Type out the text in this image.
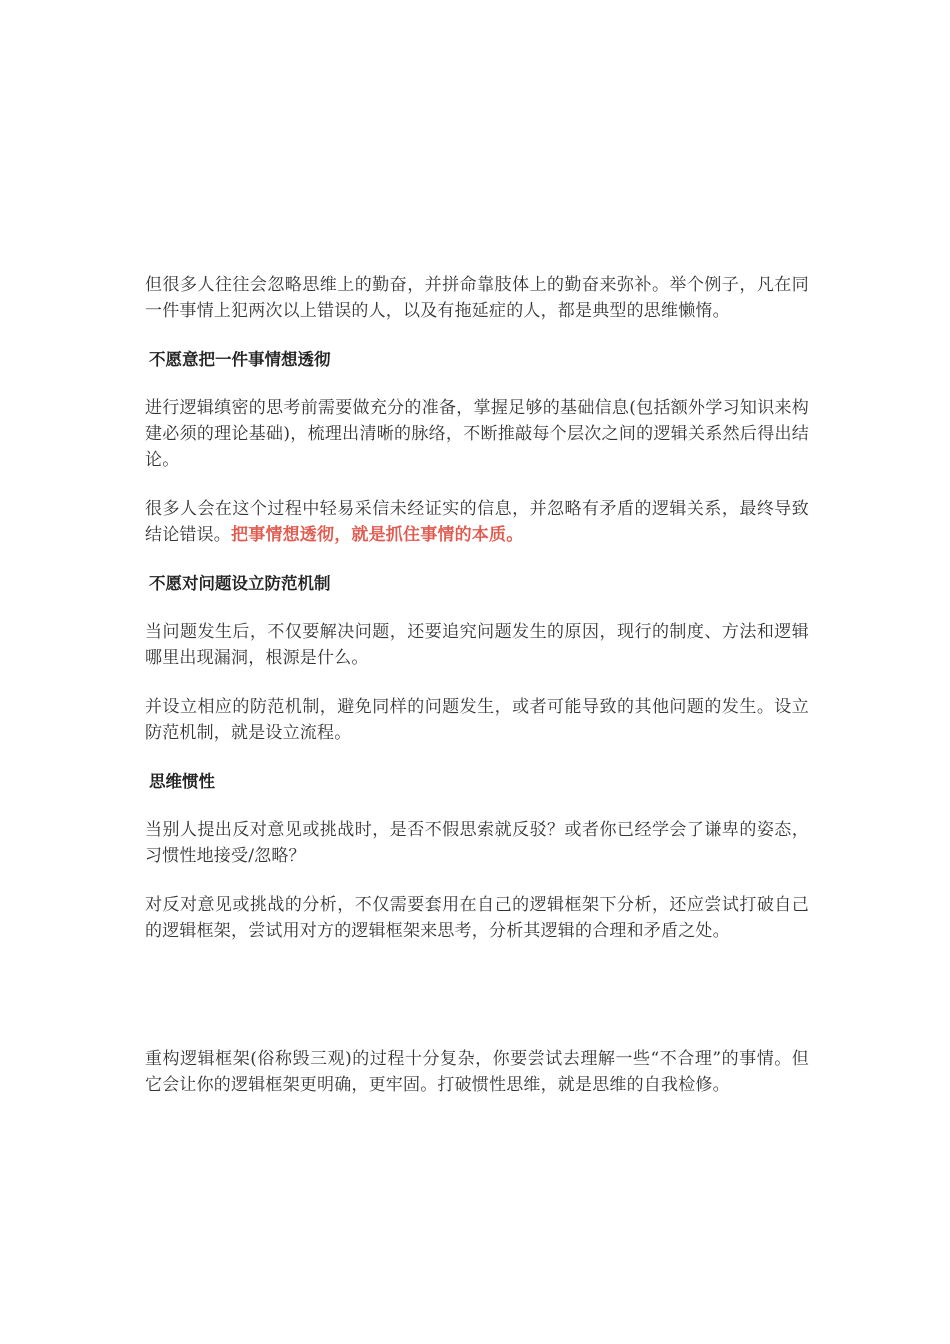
但很多人往往会忽略思维上的勤奋，并拼命靠肢体上的勤奋来弥补。举个例子，凡在同一件事情上犯两次以上错误的人，以及有拖延症的人，都是典型的思维懒惰。

不愿意把一件事情想透彻

进行逻辑缜密的思考前需要做充分的准备，掌握足够的基础信息(包括额外学习知识来构建必须的理论基础)，梳理出清晰的脉络，不断推敲每个层次之间的逻辑关系然后得出结论。

很多人会在这个过程中轻易采信未经证实的信息，并忽略有矛盾的逻辑关系，最终导致结论错误。把事情想透彻，就是抓住事情的本质。

不愿对问题设立防范机制

当问题发生后，不仅要解决问题，还要追究问题发生的原因，现行的制度、方法和逻辑哪里出现漏洞，根源是什么。

并设立相应的防范机制，避免同样的问题发生，或者可能导致的其他问题的发生。设立防范机制，就是设立流程。

思维惯性

当别人提出反对意见或挑战时，是否不假思索就反驳？或者你已经学会了谦卑的姿态，习惯性地接受/忽略？

对反对意见或挑战的分析，不仅需要套用在自己的逻辑框架下分析，还应尝试打破自己的逻辑框架，尝试用对方的逻辑框架来思考，分析其逻辑的合理和矛盾之处。

重构逻辑框架(俗称毁三观)的过程十分复杂，你要尝试去理解一些“不合理”的事情。但它会让你的逻辑框架更明确，更牢固。打破惯性思维，就是思维的自我检修。
